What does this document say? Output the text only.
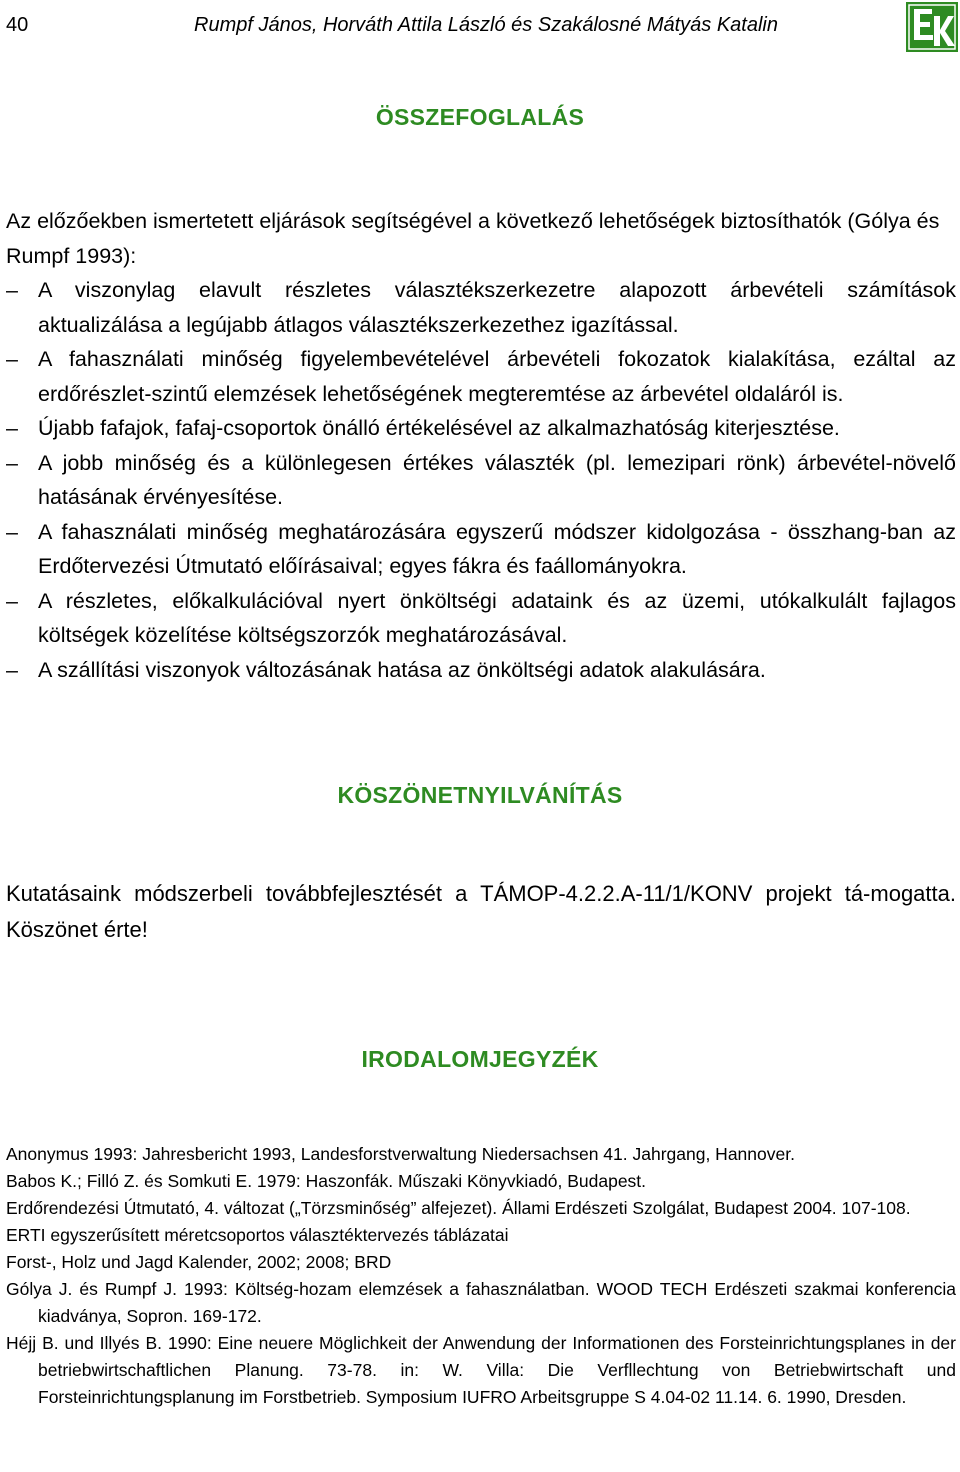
40	Rumpf János, Horváth Attila László és Szakálosné Mátyás Katalin
ÖSSZEFOGLALÁS

Az előzőekben ismertetett eljárások segítségével a következő lehetőségek biztosíthatók (Gólya és Rumpf 1993):

– A viszonylag elavult részletes választékszerkezetre alapozott árbevételi számítások aktualizálása a legújabb átlagos választékszerkezethez igazítással.
– A fahasználati minőség figyelembevételével árbevételi fokozatok kialakítása, ezáltal az erdőrészlet-szintű elemzések lehetőségének megteremtése az árbevétel oldaláról is.
– Újabb fafajok, fafaj-csoportok önálló értékelésével az alkalmazhatóság kiterjesztése.
– A jobb minőség és a különlegesen értékes választék (pl. lemezipari rönk) árbevétel-növelő hatásának érvényesítése.
– A fahasználati minőség meghatározására egyszerű módszer kidolgozása - összhang-ban az Erdőtervezési Útmutató előírásaival; egyes fákra és faállományokra.
– A részletes, előkalkulációval nyert önköltségi adataink és az üzemi, utókalkulált fajlagos költségek közelítése költségszorzók meghatározásával.
– A szállítási viszonyok változásának hatása az önköltségi adatok alakulására.
KÖSZÖNETNYILVÁNÍTÁS

Kutatásaink módszerbeli továbbfejlesztését a TÁMOP-4.2.2.A-11/1/KONV projekt tá-mogatta. Köszönet érte!

IRODALOMJEGYZÉK
Anonymus 1993: Jahresbericht 1993, Landesforstverwaltung Niedersachsen 41. Jahrgang, Hannover.
Babos K.; Filló Z. és Somkuti E. 1979: Haszonfák. Műszaki Könyvkiadó, Budapest.
Erdőrendezési Útmutató, 4. változat („Törzsminőség” alfejezet). Állami Erdészeti Szolgálat, Budapest 2004. 107-108.
ERTI egyszerűsített méretcsoportos választéktervezés táblázatai
Forst-, Holz und Jagd Kalender, 2002; 2008; BRD
Gólya J. és Rumpf J. 1993: Költség-hozam elemzések a fahasználatban. WOOD TECH Erdészeti szakmai konferencia kiadványa, Sopron. 169-172.
Héjj B. und Illyés B. 1990: Eine neuere Möglichkeit der Anwendung der Informationen des Forsteinrichtungsplanes in der betriebwirtschaftlichen Planung. 73-78. in: W. Villa: Die Verfllechtung von Betriebwirtschaft und Forsteinrichtungsplanung im Forstbetrieb. Symposium IUFRO Arbeitsgruppe S 4.04-02 11.14. 6. 1990, Dresden.
